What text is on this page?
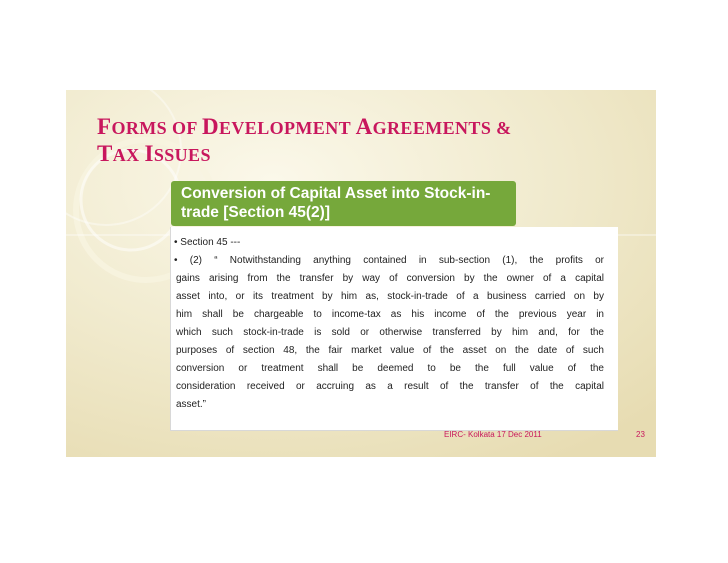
FORMS OF DEVELOPMENT AGREEMENTS &
TAX ISSUES
Conversion of Capital Asset into Stock-in-trade [Section 45(2)]
• Section 45 ---
• (2) “ Notwithstanding anything contained in sub-section (1), the profits or
gains arising from the transfer by way of conversion by the owner of a capital
asset into, or its treatment by him as, stock-in-trade of a business carried on by
him shall be chargeable to income-tax as his income of the previous year in
which such stock-in-trade is sold or otherwise transferred by him and, for the
purposes of section 48, the fair market value of the asset on the date of such
conversion or treatment shall be deemed to be the full value of the
consideration received or accruing as a result of the transfer of the capital
asset.”
EIRC- Kolkata 17 Dec 2011	23
